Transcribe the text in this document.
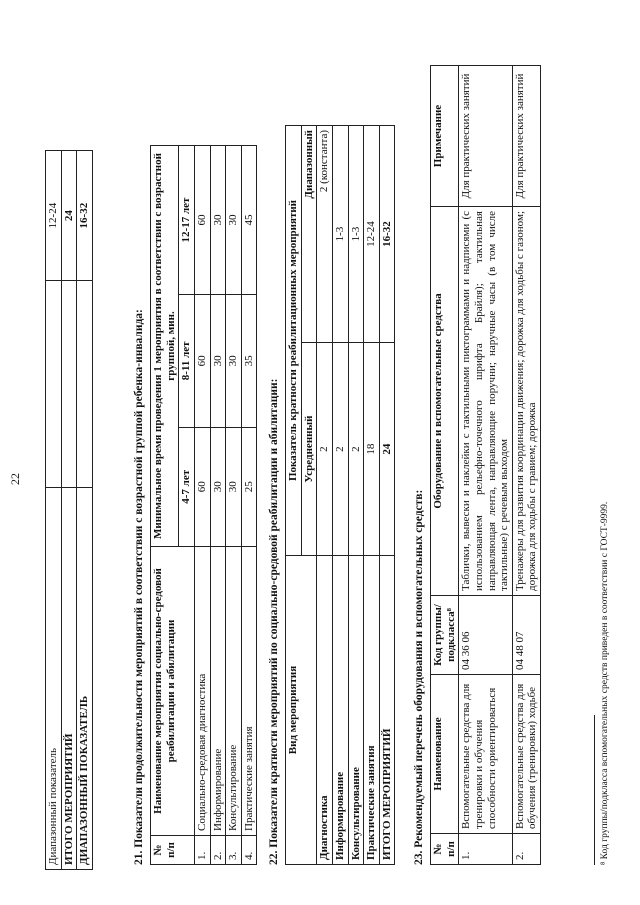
22
Диапазонный показатель		12-24
ИТОГО МЕРОПРИЯТИЙ		24
ДИАПАЗОННЫЙ ПОКАЗАТЕЛЬ		16-32
21. Показатели продолжительности мероприятий в соответствии с возрастной группой ребенка-инвалида: № п/п	Наименование мероприятия социально-средовой реабилитации и абилитации	Минимальное время проведения 1 мероприятия в соответствии с возрастной группой, мин.		

		4-7 лет	8-11 лет	12-17 лет
1.	Социально-средовая диагностика	60	60	60
2.	Информирование	30	30	30
3.	Консультирование	30	30	30
4.	Практические занятия	25	35	45
22. Показатели кратности мероприятий по социально-средовой реабилитации и абилитации: Вид мероприятия	Показатель кратности реабилитационных мероприятий	
	Усредненный	Диапазонный
Диагностика	2	2 (константа)
Информирование	2	1-3
Консультирование	2	1-3
Практические занятия	18	12-24
ИТОГО МЕРОПРИЯТИЙ	24	16-32
23. Рекомендуемый перечень оборудования и вспомогательных средств: № п/п	Наименование	Код группы/ подкласса⁸	Оборудование и вспомогательные средства	Примечание
1.	Вспомогательные средства для тренировки и обучения способности ориентироваться	04 36 06	Таблички, вывески и наклейки с тактильными пиктограммами и надписями (с использованием рельефно-точечного шрифта Брайля); тактильная направляющая лента, направляющие поручни; наручные часы (в том числе тактильные) с речевым выходом	Для практических занятий
2.	Вспомогательные средства для обучения (тренировки) ходьбе	04 48 07	Тренажеры для развития координации движения; дорожка для ходьбы с газоном; дорожка для ходьбы с гравием; дорожка	Для практических занятий
⁸ Код группы/подкласса вспомогательных средств приведен в соответствии с ГОСТ-9999.
